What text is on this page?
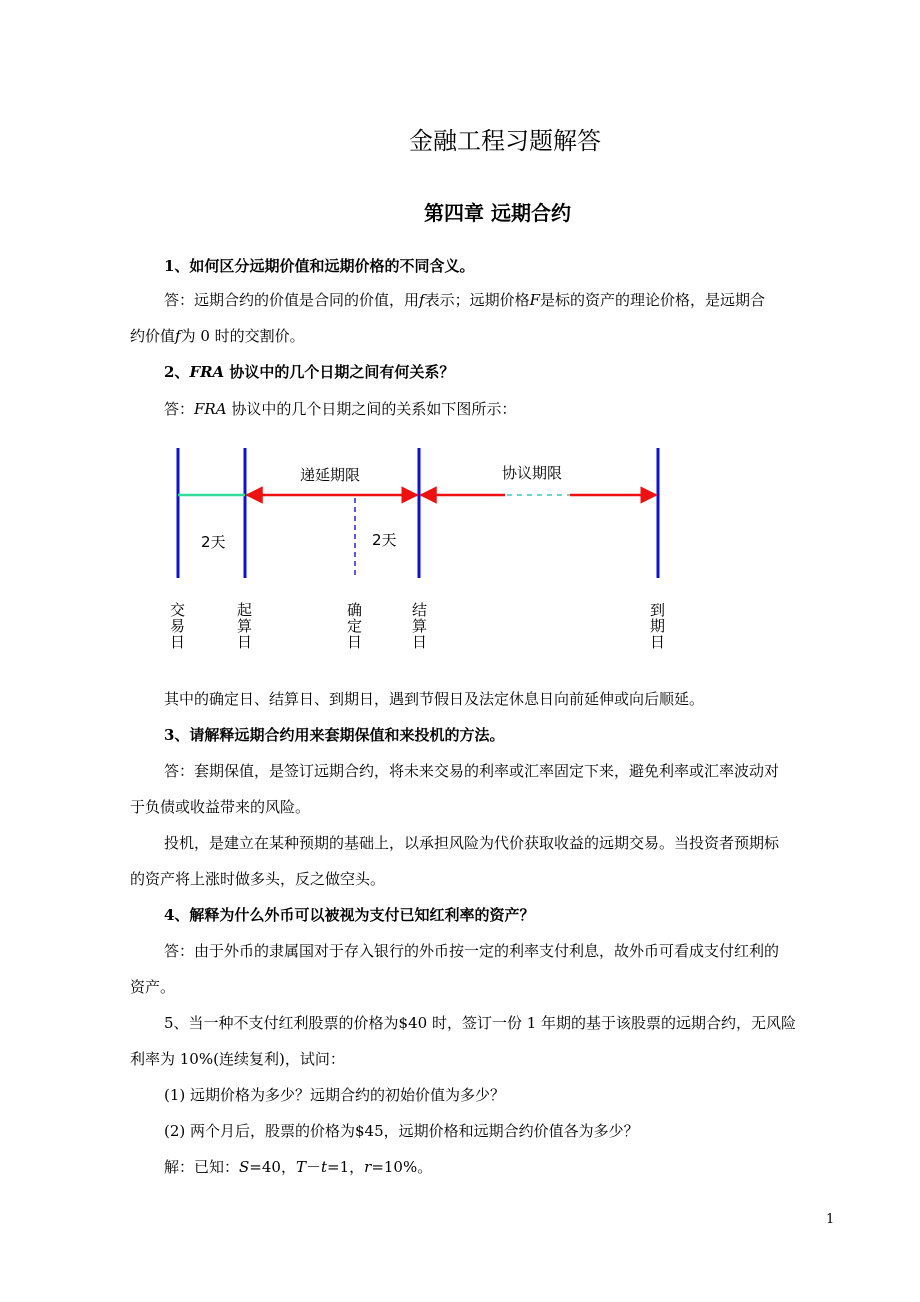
金融工程习题解答
第四章 远期合约
1、如何区分远期价值和远期价格的不同含义。
答：远期合约的价值是合同的价值，用f表示；远期价格F是标的资产的理论价格，是远期合
约价值f为 0 时的交割价。
2、FRA 协议中的几个日期之间有何关系？
答：FRA 协议中的几个日期之间的关系如下图所示：
递延期限	协议期限
2天	2天
交
易
日
起
算
日
确
定
日
结
算
日
到
期
日
其中的确定日、结算日、到期日，遇到节假日及法定休息日向前延伸或向后顺延。
3、请解释远期合约用来套期保值和来投机的方法。
答：套期保值，是签订远期合约，将未来交易的利率或汇率固定下来，避免利率或汇率波动对
于负债或收益带来的风险。
投机，是建立在某种预期的基础上，以承担风险为代价获取收益的远期交易。当投资者预期标
的资产将上涨时做多头，反之做空头。
4、解释为什么外币可以被视为支付已知红利率的资产？
答：由于外币的隶属国对于存入银行的外币按一定的利率支付利息，故外币可看成支付红利的
资产。
5、当一种不支付红利股票的价格为$40 时，签订一份 1 年期的基于该股票的远期合约，无风险
利率为 10%(连续复利)，试问：
(1) 远期价格为多少？远期合约的初始价值为多少？
(2) 两个月后，股票的价格为$45，远期价格和远期合约价值各为多少？
解：已知：S=40，T－t=1，r=10%。
1
